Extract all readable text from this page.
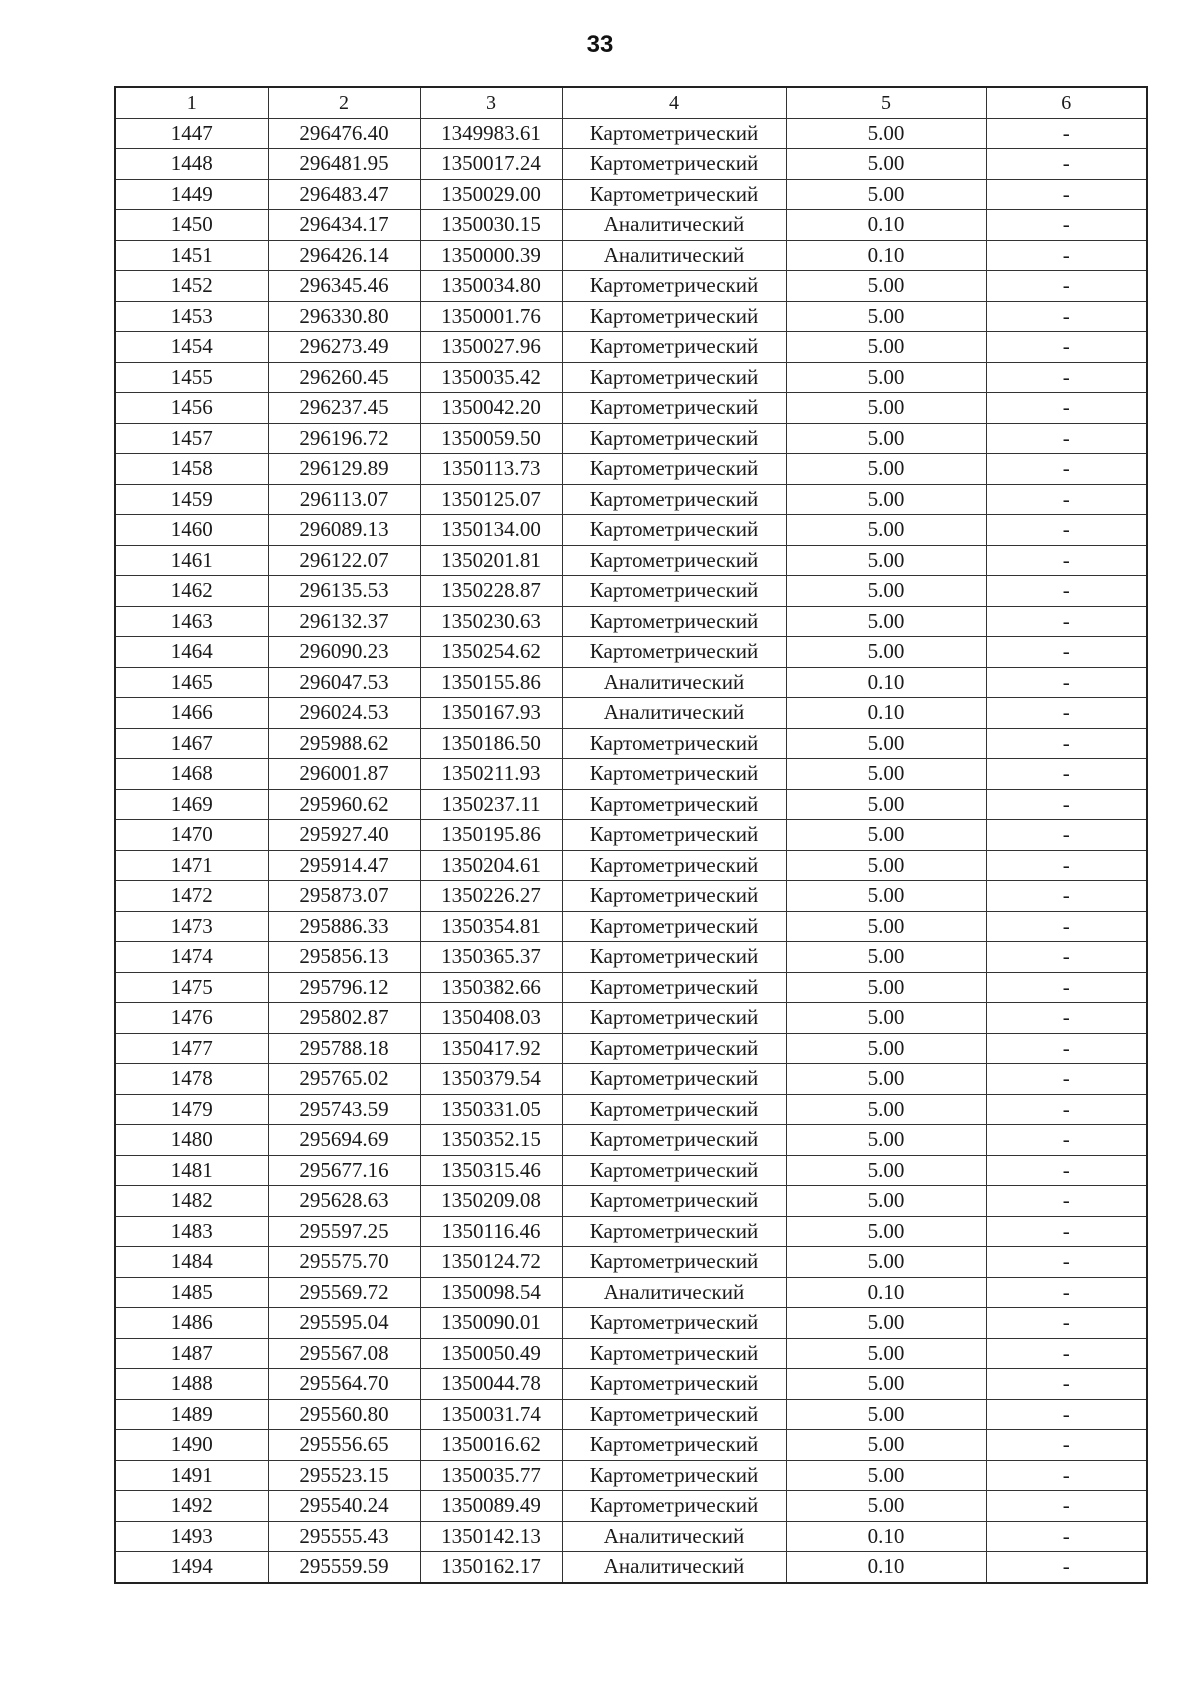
33
1	2	3	4	5	6
1447	296476.40	1349983.61	Картометрический	5.00	-
1448	296481.95	1350017.24	Картометрический	5.00	-
1449	296483.47	1350029.00	Картометрический	5.00	-
1450	296434.17	1350030.15	Аналитический	0.10	-
1451	296426.14	1350000.39	Аналитический	0.10	-
1452	296345.46	1350034.80	Картометрический	5.00	-
1453	296330.80	1350001.76	Картометрический	5.00	-
1454	296273.49	1350027.96	Картометрический	5.00	-
1455	296260.45	1350035.42	Картометрический	5.00	-
1456	296237.45	1350042.20	Картометрический	5.00	-
1457	296196.72	1350059.50	Картометрический	5.00	-
1458	296129.89	1350113.73	Картометрический	5.00	-
1459	296113.07	1350125.07	Картометрический	5.00	-
1460	296089.13	1350134.00	Картометрический	5.00	-
1461	296122.07	1350201.81	Картометрический	5.00	-
1462	296135.53	1350228.87	Картометрический	5.00	-
1463	296132.37	1350230.63	Картометрический	5.00	-
1464	296090.23	1350254.62	Картометрический	5.00	-
1465	296047.53	1350155.86	Аналитический	0.10	-
1466	296024.53	1350167.93	Аналитический	0.10	-
1467	295988.62	1350186.50	Картометрический	5.00	-
1468	296001.87	1350211.93	Картометрический	5.00	-
1469	295960.62	1350237.11	Картометрический	5.00	-
1470	295927.40	1350195.86	Картометрический	5.00	-
1471	295914.47	1350204.61	Картометрический	5.00	-
1472	295873.07	1350226.27	Картометрический	5.00	-
1473	295886.33	1350354.81	Картометрический	5.00	-
1474	295856.13	1350365.37	Картометрический	5.00	-
1475	295796.12	1350382.66	Картометрический	5.00	-
1476	295802.87	1350408.03	Картометрический	5.00	-
1477	295788.18	1350417.92	Картометрический	5.00	-
1478	295765.02	1350379.54	Картометрический	5.00	-
1479	295743.59	1350331.05	Картометрический	5.00	-
1480	295694.69	1350352.15	Картометрический	5.00	-
1481	295677.16	1350315.46	Картометрический	5.00	-
1482	295628.63	1350209.08	Картометрический	5.00	-
1483	295597.25	1350116.46	Картометрический	5.00	-
1484	295575.70	1350124.72	Картометрический	5.00	-
1485	295569.72	1350098.54	Аналитический	0.10	-
1486	295595.04	1350090.01	Картометрический	5.00	-
1487	295567.08	1350050.49	Картометрический	5.00	-
1488	295564.70	1350044.78	Картометрический	5.00	-
1489	295560.80	1350031.74	Картометрический	5.00	-
1490	295556.65	1350016.62	Картометрический	5.00	-
1491	295523.15	1350035.77	Картометрический	5.00	-
1492	295540.24	1350089.49	Картометрический	5.00	-
1493	295555.43	1350142.13	Аналитический	0.10	-
1494	295559.59	1350162.17	Аналитический	0.10	-
